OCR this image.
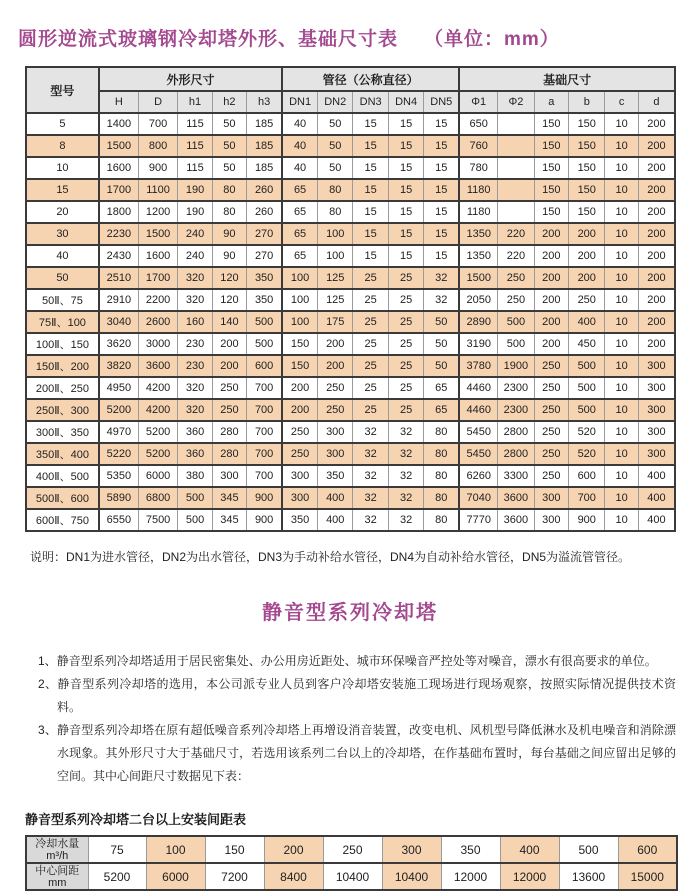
圆形逆流式玻璃钢冷却塔外形、基础尺寸表 （单位：mm）
型号	外形尺寸					管径（公称直径）					基础尺寸					
	H	D	h1	h2	h3	DN1	DN2	DN3	DN4	DN5	Φ1	Φ2	a	b	c	d
5	1400	700	115	50	185	40	50	15	15	15	650		150	150	10	200
8	1500	800	115	50	185	40	50	15	15	15	760		150	150	10	200
10	1600	900	115	50	185	40	50	15	15	15	780		150	150	10	200
15	1700	1100	190	80	260	65	80	15	15	15	1180		150	150	10	200
20	1800	1200	190	80	260	65	80	15	15	15	1180		150	150	10	200
30	2230	1500	240	90	270	65	100	15	15	15	1350	220	200	200	10	200
40	2430	1600	240	90	270	65	100	15	15	15	1350	220	200	200	10	200
50	2510	1700	320	120	350	100	125	25	25	32	1500	250	200	200	10	200
50Ⅱ、75	2910	2200	320	120	350	100	125	25	25	32	2050	250	200	250	10	200
75Ⅱ、100	3040	2600	160	140	500	100	175	25	25	50	2890	500	200	400	10	200
100Ⅱ、150	3620	3000	230	200	500	150	200	25	25	50	3190	500	200	450	10	200
150Ⅱ、200	3820	3600	230	200	600	150	200	25	25	50	3780	1900	250	500	10	300
200Ⅱ、250	4950	4200	320	250	700	200	250	25	25	65	4460	2300	250	500	10	300
250Ⅱ、300	5200	4200	320	250	700	200	250	25	25	65	4460	2300	250	500	10	300
300Ⅱ、350	4970	5200	360	280	700	250	300	32	32	80	5450	2800	250	520	10	300
350Ⅱ、400	5220	5200	360	280	700	250	300	32	32	80	5450	2800	250	520	10	300
400Ⅱ、500	5350	6000	380	300	700	300	350	32	32	80	6260	3300	250	600	10	400
500Ⅱ、600	5890	6800	500	345	900	300	400	32	32	80	7040	3600	300	700	10	400
600Ⅱ、750	6550	7500	500	345	900	350	400	32	32	80	7770	3600	300	900	10	400
说明：DN1为进水管径，DN2为出水管径，DN3为手动补给水管径，DN4为自动补给水管径，DN5为溢流管管径。
静音型系列冷却塔
1、静音型系列冷却塔适用于居民密集处、办公用房近距处、城市环保噪音严控处等对噪音，漂水有很高要求的单位。
2、静音型系列冷却塔的选用，本公司派专业人员到客户冷却塔安装施工现场进行现场观察，按照实际情况提供技术资料。
3、静音型系列冷却塔在原有超低噪音系列冷却塔上再增设消音装置，改变电机、风机型号降低淋水及机电噪音和消除漂水现象。其外形尺寸大于基础尺寸，若选用该系列二台以上的冷却塔，在作基础布置时，每台基础之间应留出足够的空间。其中心间距尺寸数据见下表：
静音型系列冷却塔二台以上安装间距表
冷却水量
m³/h	75	100	150	200	250	300	350	400	500	600
中心间距
mm	5200	6000	7200	8400	10400	10400	12000	12000	13600	15000
